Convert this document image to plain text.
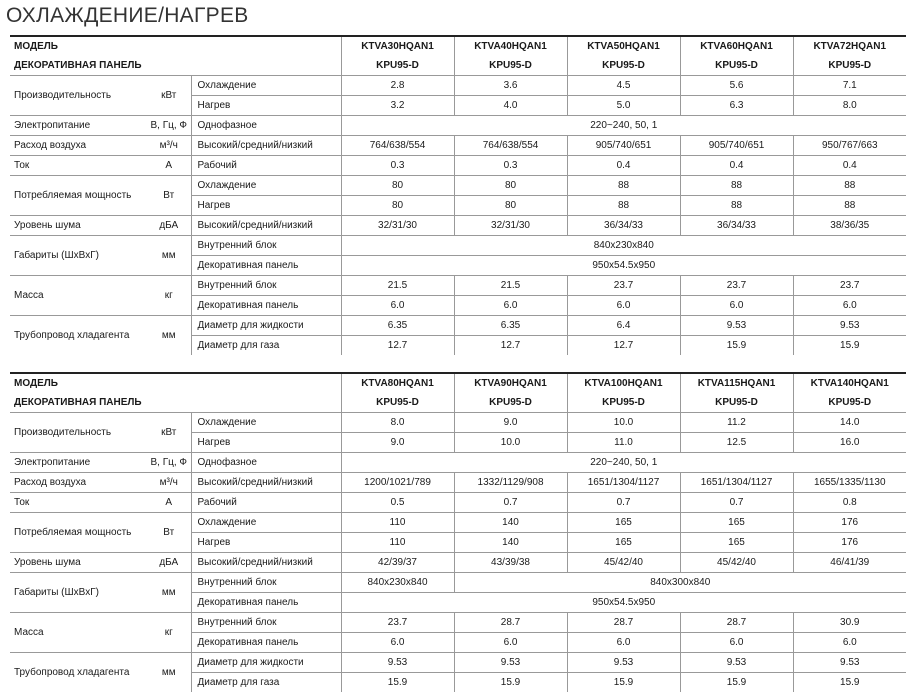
ОХЛАЖДЕНИЕ/НАГРЕВ
МОДЕЛЬ			KTVA30HQAN1	KTVA40HQAN1	KTVA50HQAN1	KTVA60HQAN1	KTVA72HQAN1
ДЕКОРАТИВНАЯ ПАНЕЛЬ			KPU95-D	KPU95-D	KPU95-D	KPU95-D	KPU95-D
Производительность	кВт	Охлаждение	2.8	3.6	4.5	5.6	7.1
		Нагрев	3.2	4.0	5.0	6.3	8.0
Электропитание	В, Гц, Ф	Однофазное	220~240, 50, 1				
Расход воздуха	м³/ч	Высокий/средний/низкий	764/638/554	764/638/554	905/740/651	905/740/651	950/767/663
Ток	А	Рабочий	0.3	0.3	0.4	0.4	0.4
Потребляемая мощность	Вт	Охлаждение	80	80	88	88	88
		Нагрев	80	80	88	88	88
Уровень шума	дБА	Высокий/средний/низкий	32/31/30	32/31/30	36/34/33	36/34/33	38/36/35
Габариты (ШхВхГ)	мм	Внутренний блок	840x230x840				
		Декоративная панель	950x54.5x950				
Масса	кг	Внутренний блок	21.5	21.5	23.7	23.7	23.7
		Декоративная панель	6.0	6.0	6.0	6.0	6.0
Трубопровод хладагента	мм	Диаметр для жидкости	6.35	6.35	6.4	9.53	9.53
		Диаметр для газа	12.7	12.7	12.7	15.9	15.9
МОДЕЛЬ			KTVA80HQAN1	KTVA90HQAN1	KTVA100HQAN1	KTVA115HQAN1	KTVA140HQAN1
ДЕКОРАТИВНАЯ ПАНЕЛЬ			KPU95-D	KPU95-D	KPU95-D	KPU95-D	KPU95-D
Производительность	кВт	Охлаждение	8.0	9.0	10.0	11.2	14.0
		Нагрев	9.0	10.0	11.0	12.5	16.0
Электропитание	В, Гц, Ф	Однофазное	220~240, 50, 1				
Расход воздуха	м³/ч	Высокий/средний/низкий	1200/1021/789	1332/1129/908	1651/1304/1127	1651/1304/1127	1655/1335/1130
Ток	А	Рабочий	0.5	0.7	0.7	0.7	0.8
Потребляемая мощность	Вт	Охлаждение	110	140	165	165	176
		Нагрев	110	140	165	165	176
Уровень шума	дБА	Высокий/средний/низкий	42/39/37	43/39/38	45/42/40	45/42/40	46/41/39
Габариты (ШхВхГ)	мм	Внутренний блок	840x230x840	840x300x840			
		Декоративная панель	950x54.5x950				
Масса	кг	Внутренний блок	23.7	28.7	28.7	28.7	30.9
		Декоративная панель	6.0	6.0	6.0	6.0	6.0
Трубопровод хладагента	мм	Диаметр для жидкости	9.53	9.53	9.53	9.53	9.53
		Диаметр для газа	15.9	15.9	15.9	15.9	15.9
